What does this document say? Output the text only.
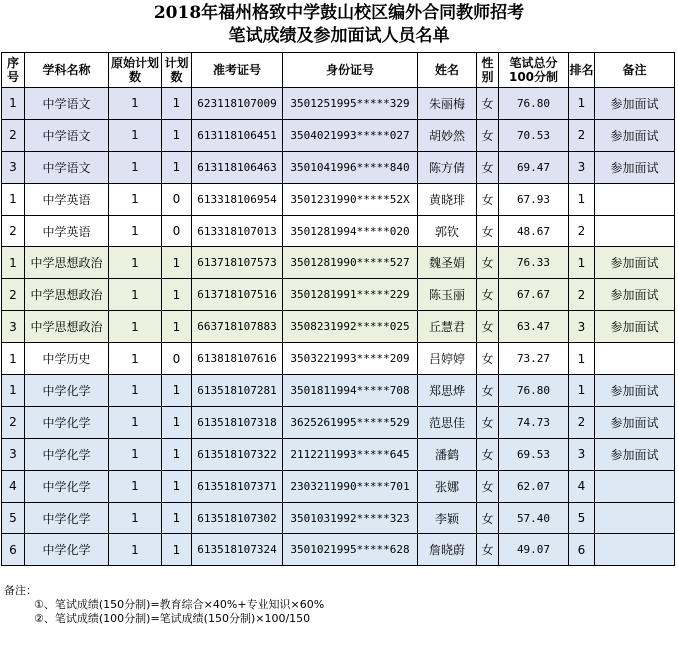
2018年福州格致中学鼓山校区编外合同教师招考
笔试成绩及参加面试人员名单
序号	学科名称	原始计划数	计划数	准考证号	身份证号	姓名	性别	笔试总分100分制	排名	备注
1	中学语文	1	1	623118107009	3501251995*****329	朱丽梅	女	76.80	1	参加面试
2	中学语文	1	1	613118106451	3504021993*****027	胡妙然	女	70.53	2	参加面试
3	中学语文	1	1	613118106463	3501041996*****840	陈方倩	女	69.47	3	参加面试
1	中学英语	1	0	613318106954	3501231990*****52X	黄晓琲	女	67.93	1	
2	中学英语	1	0	613318107013	3501281994*****020	郭钦	女	48.67	2	
1	中学思想政治	1	1	613718107573	3501281990*****527	魏圣娟	女	76.33	1	参加面试
2	中学思想政治	1	1	613718107516	3501281991*****229	陈玉丽	女	67.67	2	参加面试
3	中学思想政治	1	1	663718107883	3508231992*****025	丘慧君	女	63.47	3	参加面试
1	中学历史	1	0	613818107616	3503221993*****209	吕婷婷	女	73.27	1	
1	中学化学	1	1	613518107281	3501811994*****708	郑思烨	女	76.80	1	参加面试
2	中学化学	1	1	613518107318	3625261995*****529	范思佳	女	74.73	2	参加面试
3	中学化学	1	1	613518107322	2112211993*****645	潘鹤	女	69.53	3	参加面试
4	中学化学	1	1	613518107371	2303211990*****701	张娜	女	62.07	4	
5	中学化学	1	1	613518107302	3501031992*****323	李颖	女	57.40	5	
6	中学化学	1	1	613518107324	3501021995*****628	詹晓蔚	女	49.07	6	
备注：
①、笔试成绩(150分制)=教育综合×40%+专业知识×60%
②、笔试成绩(100分制)=笔试成绩(150分制)×100/150
